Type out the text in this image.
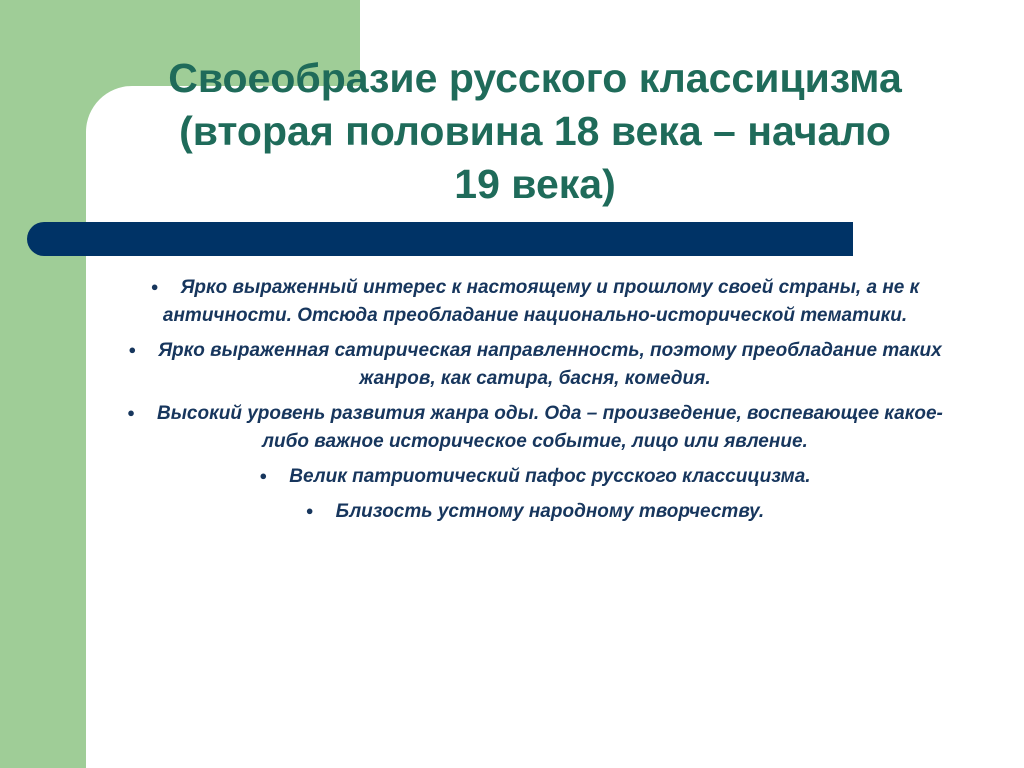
Своеобразие русского классицизма
(вторая половина 18 века – начало
19 века)
● Ярко выраженный интерес к настоящему и прошлому своей страны, а не к античности. Отсюда преобладание национально-исторической тематики.
● Ярко выраженная сатирическая направленность, поэтому преобладание таких жанров, как сатира, басня, комедия.
● Высокий уровень развития жанра оды. Ода – произведение, воспевающее какое-либо важное историческое событие, лицо или явление.
● Велик патриотический пафос русского классицизма.
● Близость устному народному творчеству.
